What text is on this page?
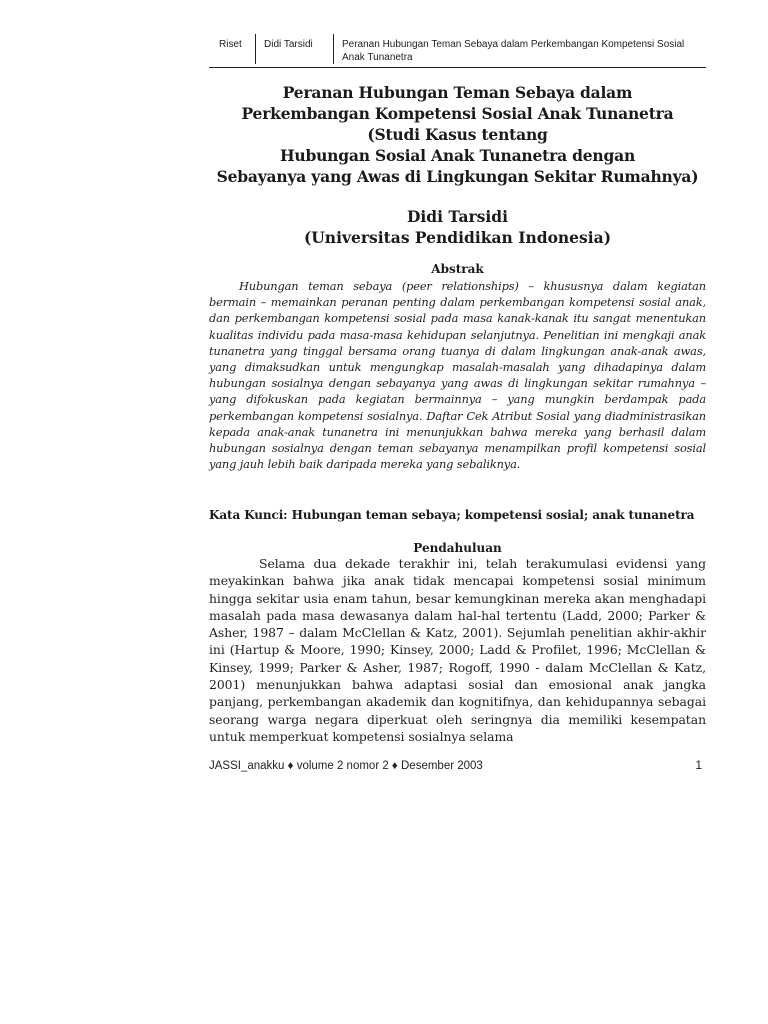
Riset	Didi Tarsidi	Peranan Hubungan Teman Sebaya dalam Perkembangan Kompetensi Sosial Anak Tunanetra
Peranan Hubungan Teman Sebaya dalam
Perkembangan Kompetensi Sosial Anak Tunanetra
(Studi Kasus tentang
Hubungan Sosial Anak Tunanetra dengan
Sebayanya yang Awas di Lingkungan Sekitar Rumahnya)
Didi Tarsidi
(Universitas Pendidikan Indonesia)
Abstrak

Hubungan teman sebaya (peer relationships) – khususnya dalam kegiatan bermain – memainkan peranan penting dalam perkembangan kompetensi sosial anak, dan perkembangan kompetensi sosial pada masa kanak-kanak itu sangat menentukan kualitas individu pada masa-masa kehidupan selanjutnya. Penelitian ini mengkaji anak tunanetra yang tinggal bersama orang tuanya di dalam lingkungan anak-anak awas, yang dimaksudkan untuk mengungkap masalah-masalah yang dihadapinya dalam hubungan sosialnya dengan sebayanya yang awas di lingkungan sekitar rumahnya – yang difokuskan pada kegiatan bermainnya – yang mungkin berdampak pada perkembangan kompetensi sosialnya. Daftar Cek Atribut Sosial yang diadministrasikan kepada anak-anak tunanetra ini menunjukkan bahwa mereka yang berhasil dalam hubungan sosialnya dengan teman sebayanya menampilkan profil kompetensi sosial yang jauh lebih baik daripada mereka yang sebaliknya.

Kata Kunci: Hubungan teman sebaya; kompetensi sosial; anak tunanetra
Pendahuluan

Selama dua dekade terakhir ini, telah terakumulasi evidensi yang meyakinkan bahwa jika anak tidak mencapai kompetensi sosial minimum hingga sekitar usia enam tahun, besar kemungkinan mereka akan menghadapi masalah pada masa dewasanya dalam hal-hal tertentu (Ladd, 2000; Parker & Asher, 1987 – dalam McClellan & Katz, 2001). Sejumlah penelitian akhir-akhir ini (Hartup & Moore, 1990; Kinsey, 2000; Ladd & Profilet, 1996; McClellan & Kinsey, 1999; Parker & Asher, 1987; Rogoff, 1990 - dalam McClellan & Katz, 2001) menunjukkan bahwa adaptasi sosial dan emosional anak jangka panjang, perkembangan akademik dan kognitifnya, dan kehidupannya sebagai seorang warga negara diperkuat oleh seringnya dia memiliki kesempatan untuk memperkuat kompetensi sosialnya selama

JASSI_anakku ♦ volume 2 nomor 2 ♦ Desember 2003	1
